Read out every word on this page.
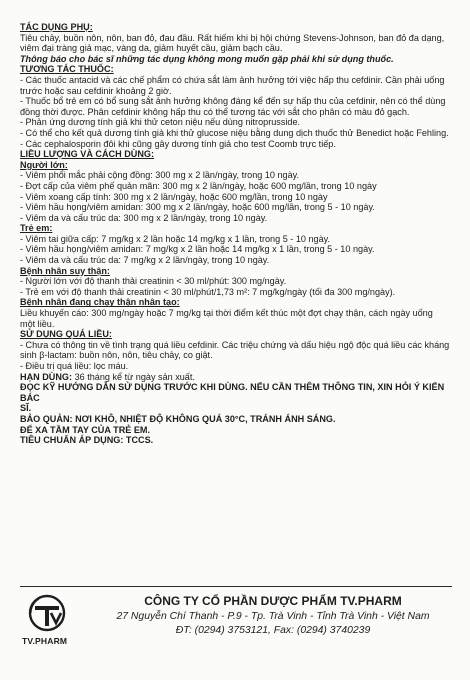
TÁC DỤNG PHỤ:

Tiêu chảy, buồn nôn, nôn, ban đỏ, đau đầu. Rất hiếm khi bị hội chứng Stevens-Johnson, ban đỏ đa dạng,

viêm đại tràng giả mạc, vàng da, giảm huyết cầu, giảm bạch cầu.

Thông báo cho bác sĩ những tác dụng không mong muốn gặp phải khi sử dụng thuốc.

TƯƠNG TÁC THUỐC:

- Các thuốc antacid và các chế phẩm có chứa sắt làm ảnh hưởng tới việc hấp thu cefdinir. Cần phải uống

trước hoặc sau cefdinir khoảng 2 giờ.

- Thuốc bổ trẻ em có bổ sung sắt ảnh hưởng không đáng kể đến sự hấp thu của cefdinir, nên có thể dùng

đồng thời được. Phân cefdinir không hấp thu có thể tương tác với sắt cho phân có màu đỏ gạch.

- Phản ứng dương tính giả khi thử ceton niệu nếu dùng nitroprusside.

- Có thể cho kết quả dương tính giả khi thử glucose niệu bằng dung dịch thuốc thử Benedict hoặc Fehling.

- Các cephalosporin đôi khi cũng gây dương tính giả cho test Coomb trực tiếp.

LIỀU LƯỢNG VÀ CÁCH DÙNG:

Người lớn:

- Viêm phổi mắc phải cộng đồng: 300 mg x 2 lần/ngày, trong 10 ngày.

- Đợt cấp của viêm phế quản mãn: 300 mg x 2 lần/ngày, hoặc 600 mg/lần, trong 10 ngày

- Viêm xoang cấp tính: 300 mg x 2 lần/ngày, hoặc 600 mg/lần, trong 10 ngày

- Viêm hầu họng/viêm amidan: 300 mg x 2 lần/ngày, hoặc 600 mg/lần, trong 5 - 10 ngày.

- Viêm da và cấu trúc da: 300 mg x 2 lần/ngày, trong 10 ngày.

Trẻ em:

- Viêm tai giữa cấp: 7 mg/kg x 2 lần hoặc 14 mg/kg x 1 lần, trong 5 - 10 ngày.

- Viêm hầu họng/viêm amidan: 7 mg/kg x 2 lần hoặc 14 mg/kg x 1 lần, trong 5 - 10 ngày.

- Viêm da và cấu trúc da: 7 mg/kg x 2 lần/ngày, trong 10 ngày.

Bệnh nhân suy thận:

- Người lớn với độ thanh thải creatinin < 30 ml/phút: 300 mg/ngày.

- Trẻ em với độ thanh thải creatinin < 30 ml/phút/1,73 m²: 7 mg/kg/ngày (tối đa 300 mg/ngày).

Bệnh nhân đang chạy thận nhân tạo:

Liều khuyến cáo: 300 mg/ngày hoặc 7 mg/kg tại thời điểm kết thúc một đợt chạy thận, cách ngày uống

một liều.

SỬ DỤNG QUÁ LIỀU:

- Chưa có thông tin về tình trạng quá liều cefdinir. Các triệu chứng và dấu hiệu ngộ độc quá liều các kháng

sinh β-lactam: buồn nôn, nôn, tiêu chảy, co giật.

- Điều trị quá liều: lọc máu.

HẠN DÙNG: 36 tháng kể từ ngày sản xuất.

ĐỌC KỸ HƯỚNG DẪN SỬ DỤNG TRƯỚC KHI DÙNG. NẾU CẦN THÊM THÔNG TIN, XIN HỎI Ý KIẾN BÁC

SĨ.

BẢO QUẢN: NƠI KHÔ, NHIỆT ĐỘ KHÔNG QUÁ 30°C, TRÁNH ÁNH SÁNG.

ĐỂ XA TẦM TAY CỦA TRẺ EM.

TIÊU CHUẨN ÁP DỤNG: TCCS.

TV.PHARM
CÔNG TY CỔ PHẦN DƯỢC PHẨM TV.PHARM
27 Nguyễn Chí Thanh - P.9 - Tp. Trà Vinh - Tỉnh Trà Vinh - Việt Nam
ĐT: (0294) 3753121, Fax: (0294) 3740239
